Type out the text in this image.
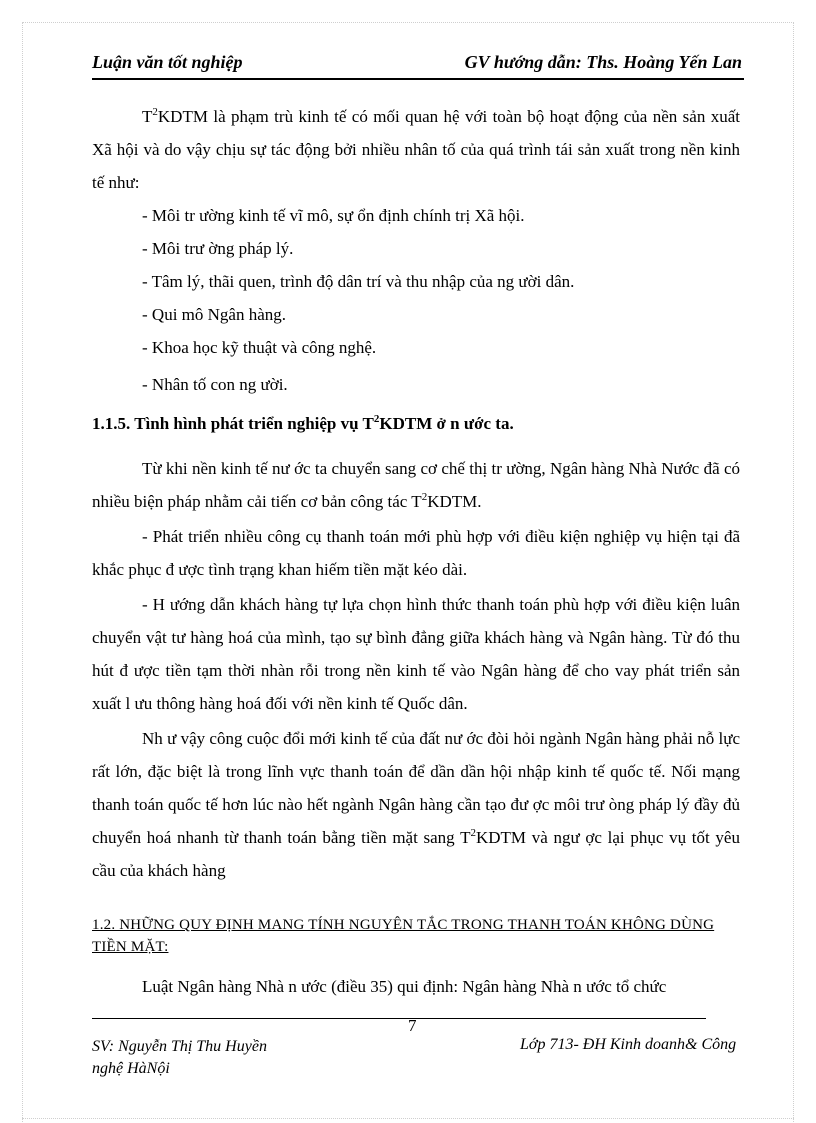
Luận văn tốt nghiệp	GV hướng dẫn: Ths. Hoàng Yến Lan

$T^2KDTM$ là phạm trù kinh tế có mối quan hệ với toàn bộ hoạt động của nền sản xuất Xã hội và do vậy chịu sự tác động bởi nhiều nhân tố của quá trình tái sản xuất trong nền kinh tế như:

- Môi tr ường kinh tế vĩ mô, sự ổn định chính trị Xã hội.

- Môi trư ờng pháp lý.

- Tâm lý, thãi quen, trình độ dân trí và thu nhập của ng ười dân.

- Qui mô Ngân hàng.

- Khoa học kỹ thuật và công nghệ.

- Nhân tố con ng ười.

1.1.5. Tình hình phát triển nghiệp vụ $T^2KDTM$ ở n ước ta.

Từ khi nền kinh tế nư ớc ta chuyển sang cơ chế thị tr ường, Ngân hàng Nhà Nước đã có nhiều biện pháp nhằm cải tiến cơ bản công tác $T^2KDTM$.

- Phát triển nhiều công cụ thanh toán mới phù hợp với điều kiện nghiệp vụ hiện tại đã khắc phục đ ược tình trạng khan hiếm tiền mặt kéo dài.

- H ướng dẫn khách hàng tự lựa chọn hình thức thanh toán phù hợp với điều kiện luân chuyển vật tư hàng hoá của mình, tạo sự bình đẳng giữa khách hàng và Ngân hàng. Từ đó thu hút đ ược tiền tạm thời nhàn rỗi trong nền kinh tế vào Ngân hàng để cho vay phát triển sản xuất l ưu thông hàng hoá đối với nền kinh tế Quốc dân.

Nh ư vậy công cuộc đổi mới kinh tế của đất nư ớc đòi hỏi ngành Ngân hàng phải nỗ lực rất lớn, đặc biệt là trong lĩnh vực thanh toán để dần dần hội nhập kinh tế quốc tế. Nối mạng thanh toán quốc tế hơn lúc nào hết ngành Ngân hàng cần tạo đư ợc môi trư òng pháp lý đầy đủ chuyển hoá nhanh từ thanh toán bằng tiền mặt sang $T^2KDTM$ và ngư ợc lại phục vụ tốt yêu cầu của khách hàng

1.2. NHỮNG QUY ĐỊNH MANG TÍNH NGUYÊN TẮC TRONG THANH TOÁN KHÔNG DÙNG TIỀN MẶT:

Luật Ngân hàng Nhà n ước (điều 35) qui định: Ngân hàng Nhà n ước tổ chức

7
SV: Nguyễn Thị Thu Huyền
nghệ HàNội
Lớp 713- ĐH Kinh doanh& Công
